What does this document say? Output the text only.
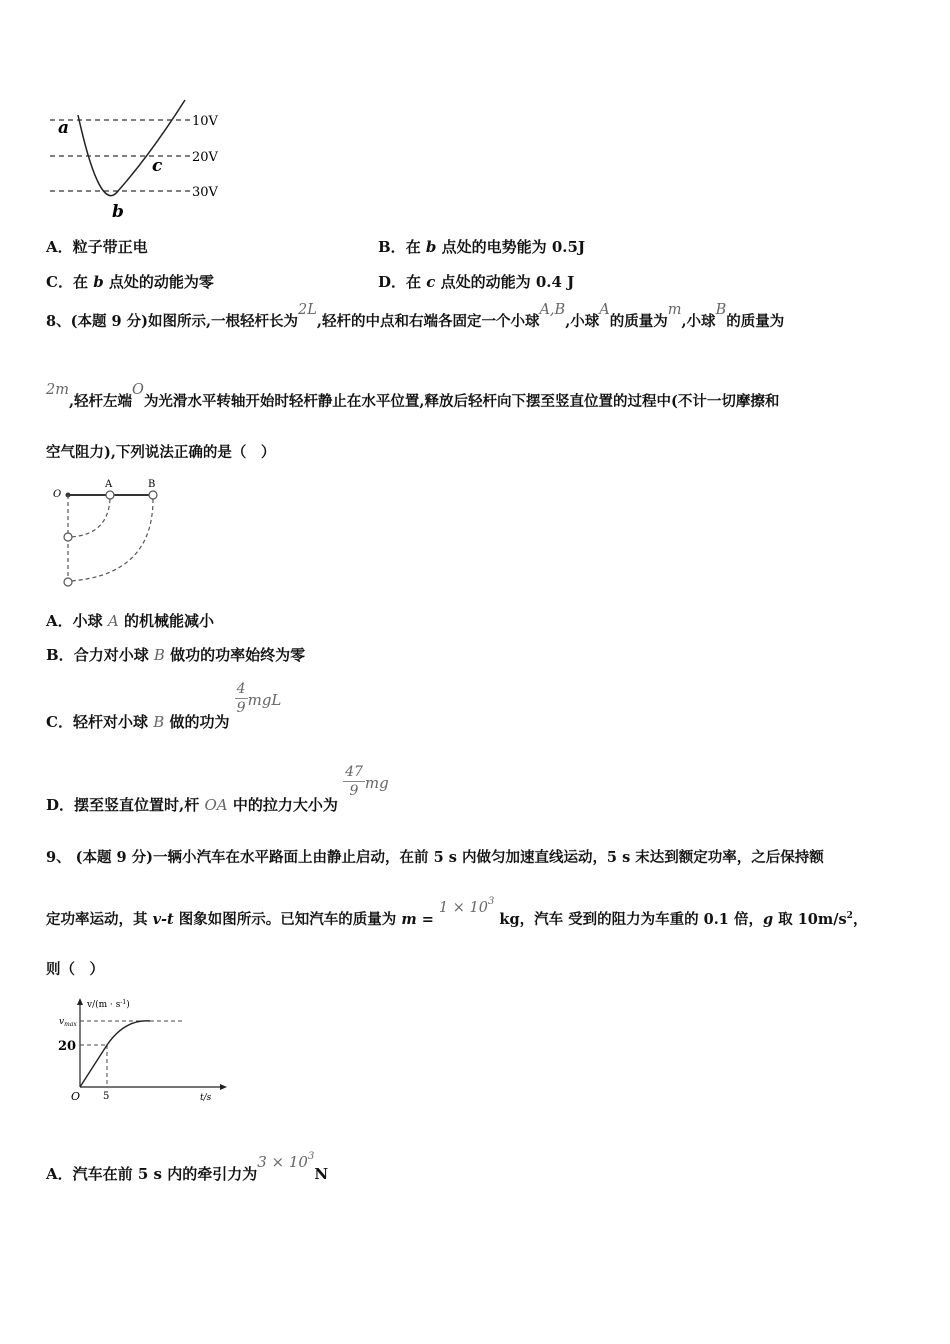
a
b
c
10V
20V
30V
A．粒子带正电	B．在 b 点处的电势能为 0.5J
C．在 b 点处的动能为零	D．在 c 点处的动能为 0.4 J
8、(本题 9 分)如图所示,一根轻杆长为2L,轻杆的中点和右端各固定一个小球A,B,小球A的质量为m,小球B的质量为
2m,轻杆左端O为光滑水平转轴开始时轻杆静止在水平位置,释放后轻杆向下摆至竖直位置的过程中(不计一切摩擦和
空气阻力),下列说法正确的是（　）
O
A	B
A．小球 A 的机械能减小
B．合力对小球 B 做功的功率始终为零
C．轻杆对小球 B 做的功为
$\frac{4}{9}$ mgL
D．摆至竖直位置时,杆 OA 中的拉力大小为
$\frac{47}{9}$ mg
9、 (本题 9 分)一辆小汽车在水平路面上由静止启动，在前 5 s 内做匀加速直线运动，5 s 末达到额定功率，之后保持额
定功率运动，其 v-t 图象如图所示。已知汽车的质量为 $m = 1 \times 10^3$ kg，汽车 受到的阻力为车重的 0.1 倍，g 取 $10m/s^2$，
则（　）
$v/(m \cdot s^{-1})$
$v_{max}$
20
O 5	t/s
A．汽车在前 5 s 内的牵引力为$3 \times 10^3N$
